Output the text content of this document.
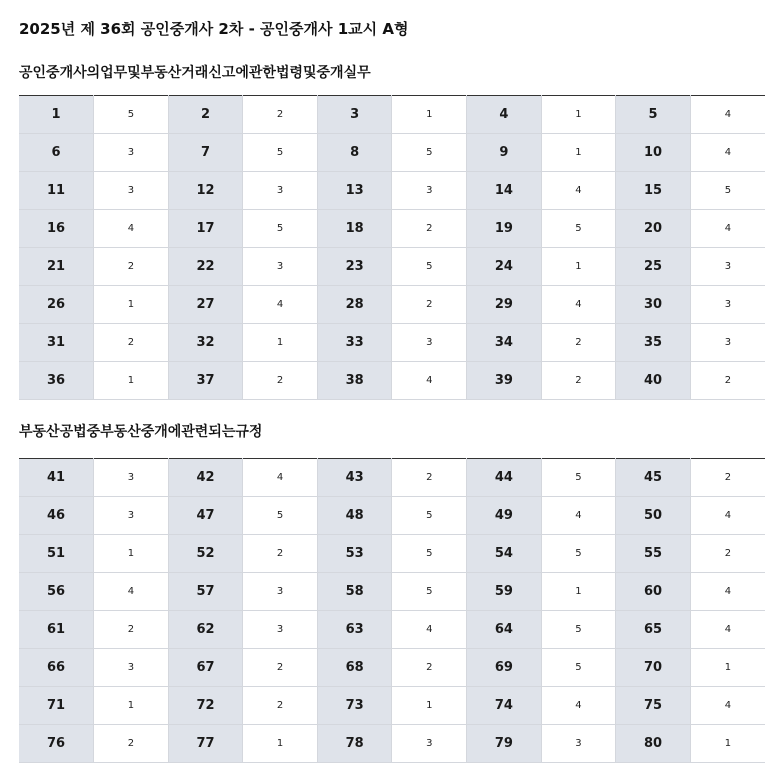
2025년 제 36회 공인중개사 2차 - 공인중개사 1교시 A형
공인중개사의업무및부동산거래신고에관한법령및중개실무
1	5	2	2	3	1	4	1	5	4
6	3	7	5	8	5	9	1	10	4
11	3	12	3	13	3	14	4	15	5
16	4	17	5	18	2	19	5	20	4
21	2	22	3	23	5	24	1	25	3
26	1	27	4	28	2	29	4	30	3
31	2	32	1	33	3	34	2	35	3
36	1	37	2	38	4	39	2	40	2
부동산공법중부동산중개에관련되는규정
41	3	42	4	43	2	44	5	45	2
46	3	47	5	48	5	49	4	50	4
51	1	52	2	53	5	54	5	55	2
56	4	57	3	58	5	59	1	60	4
61	2	62	3	63	4	64	5	65	4
66	3	67	2	68	2	69	5	70	1
71	1	72	2	73	1	74	4	75	4
76	2	77	1	78	3	79	3	80	1
